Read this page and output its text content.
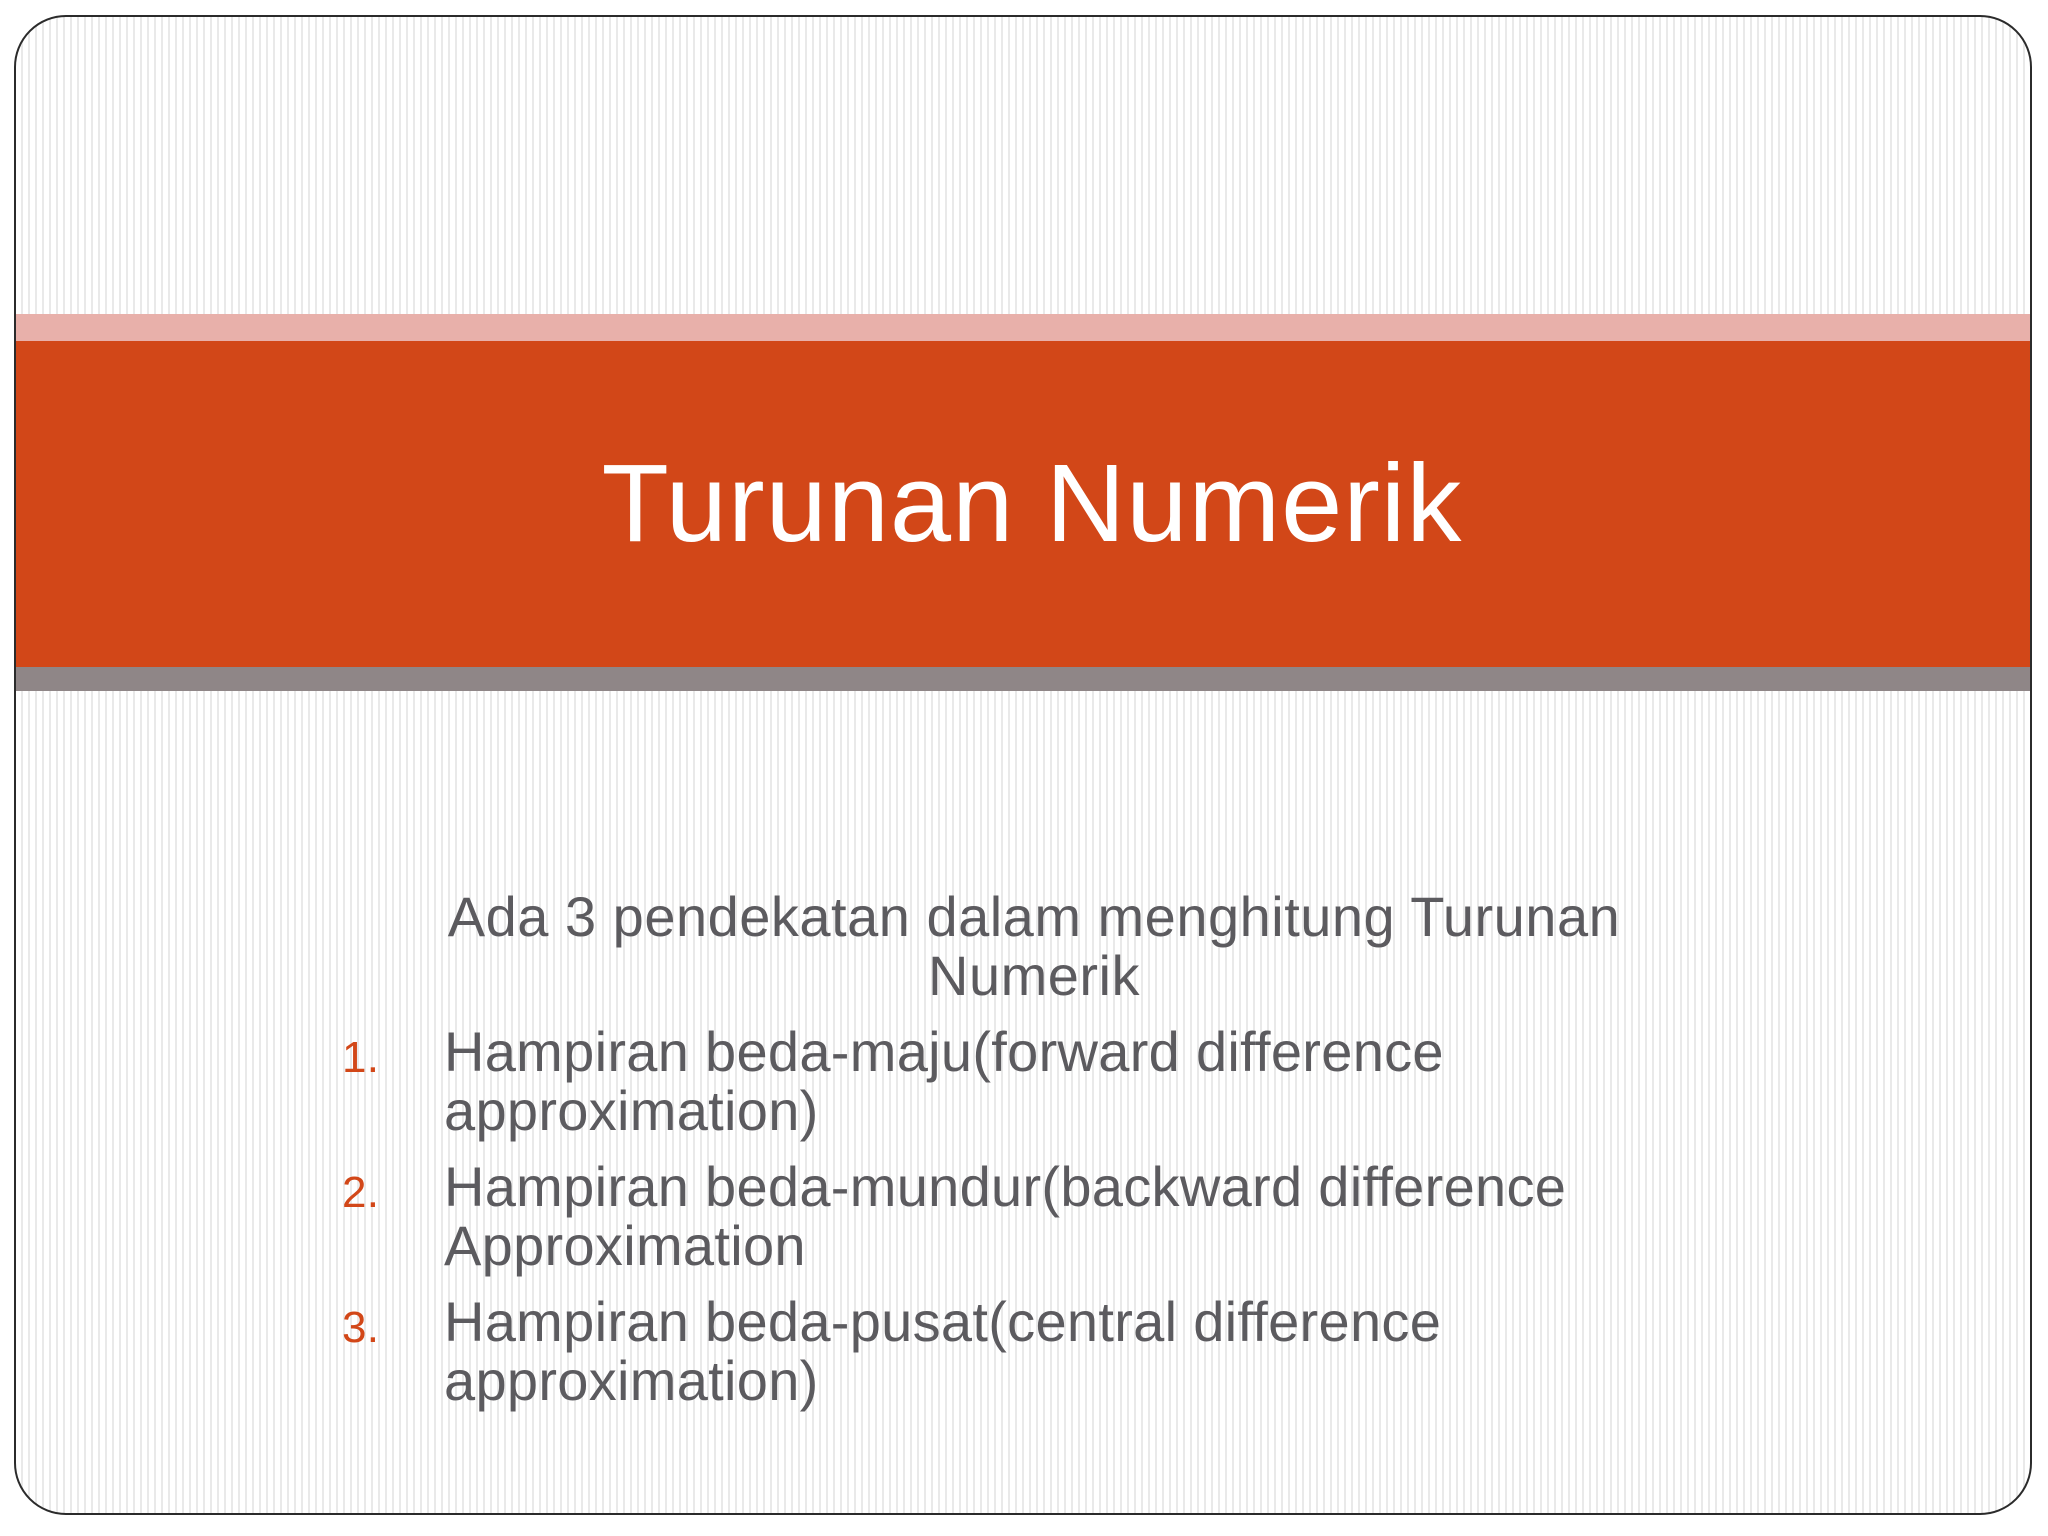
Turunan Numerik
Ada 3 pendekatan dalam menghitung Turunan Numerik
1. Hampiran beda-maju(forward difference approximation)
2. Hampiran beda-mundur(backward difference Approximation
3. Hampiran beda-pusat(central difference approximation)
